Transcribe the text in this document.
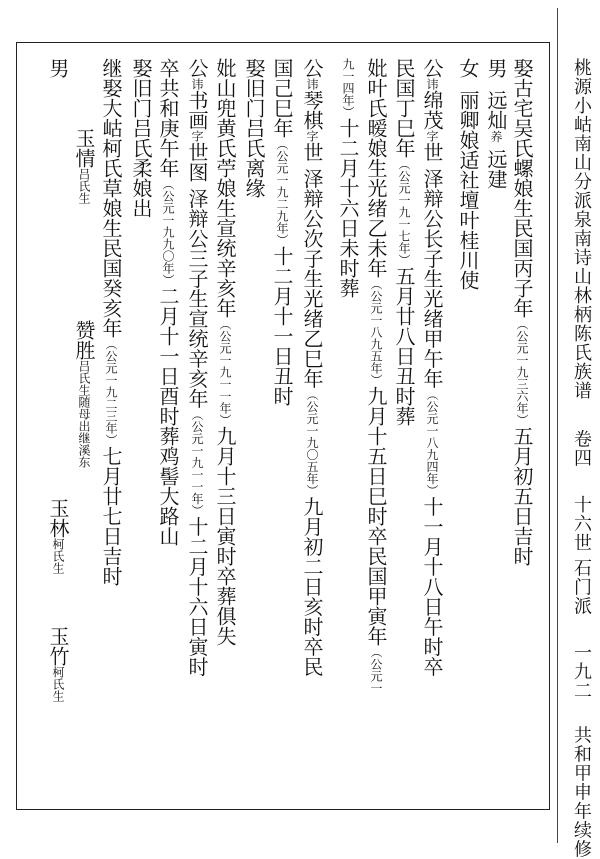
桃源小岵南山分派泉南诗山林柄陈氏族谱  卷四  十六世 石门派  一九二  共和甲申年续修
娶古宅吴氏螺娘生民国丙子年（公元一九三六年）五月初五日吉时
男 远灿养 远建
女 丽卿娘适社壇叶桂川使
公讳绵茂字世 泽辩公长子生光绪甲午年（公元一八九四年）十一月十八日午时卒
民国丁巳年（公元一九一七年）五月廿八日丑时葬
妣叶氏暧娘生光绪乙未年（公元一八九五年）九月十五日巳时卒民国甲寅年（公元一
九一四年）十二月十六日未时葬
公讳琴棋字世 泽辩公次子生光绪乙巳年（公元一九〇五年）九月初二日亥时卒民
国己巳年（公元一九二九年）十二月十一日丑时
娶旧门吕氏离缘
妣山兜黄氏苧娘生宣统辛亥年（公元一九一一年）九月十三日寅时卒葬俱失
公讳书画字世图 泽辩公三子生宣统辛亥年（公元一九一一年）十二月十六日寅时
卒共和庚午年（公元一九九〇年）二月十一日酉时葬鸡髻大路山
娶旧门吕氏柔娘出
继娶大岵柯氏草娘生民国癸亥年（公元一九二三年）七月廿七日吉时
男
玉情吕氏生
赞胜吕氏生随母出继溪东
玉林柯氏生
玉竹柯氏生
